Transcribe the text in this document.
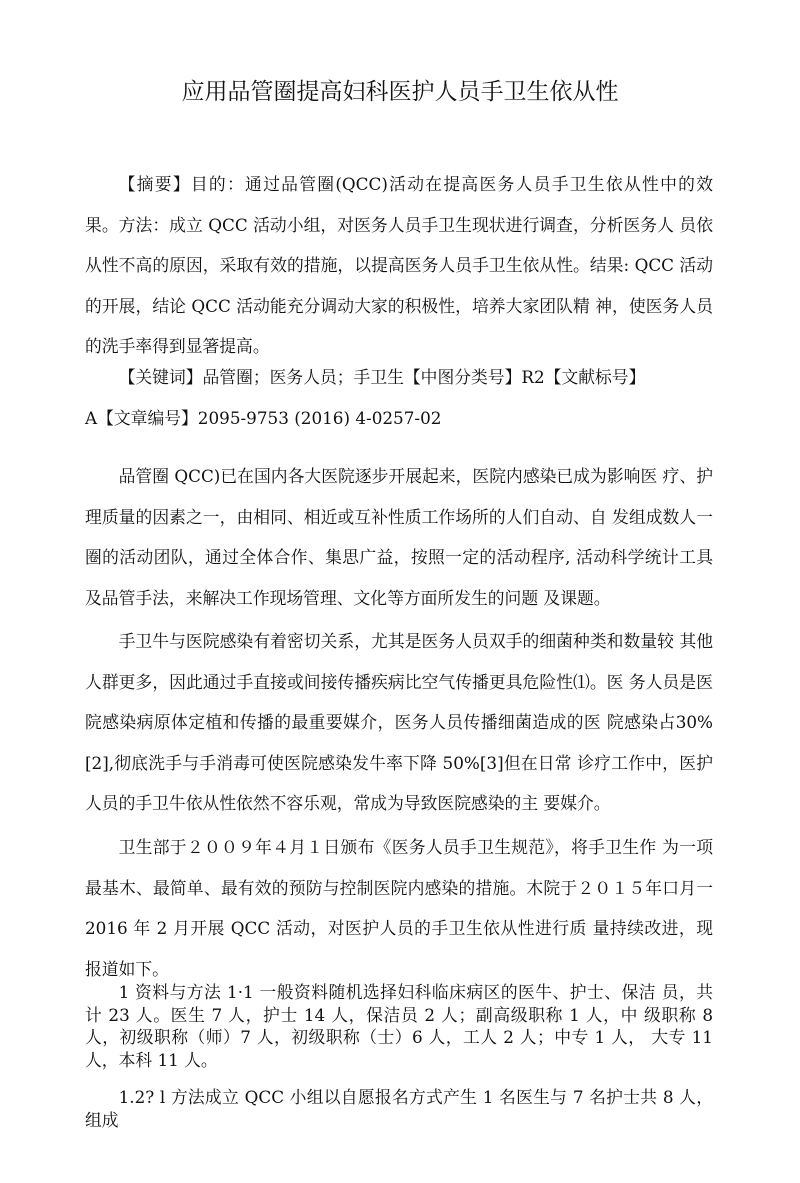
应用品管圈提高妇科医护人员手卫生依从性

【摘要】目的：通过品管圈(QCC)活动在提高医务人员手卫生依从性中的效 果。方法：成立 QCC 活动小组，对医务人员手卫生现状进行调查，分析医务人 员依从性不高的原因，采取有效的措施，以提高医务人员手卫生依从性。结果: QCC 活动的开展，结论 QCC 活动能充分调动大家的积极性，培养大家团队精 神，使医务人员的洗手率得到显箸提高。

【关键词】品管圈；医务人员；手卫生【中图分类号】R2【文献标号】

A【文章编号】2095-9753 (2016) 4-0257-02

品管圈 QCC)已在国内各大医院逐步开展起来，医院内感染已成为影响医 疗、护理质量的因素之一，由相同、相近或互补性质工作场所的人们自动、自 发组成数人一圈的活动团队，通过全体合作、集思广益，按照一定的活动程序, 活动科学统计工具及品管手法，来解决工作现场管理、文化等方面所发生的问题 及课题。

手卫牛与医院感染有着密切关系，尤其是医务人员双手的细菌种类和数量较 其他人群更多，因此通过手直接或间接传播疾病比空气传播更具危险性⑴。医 务人员是医院感染病原体定植和传播的最重要媒介，医务人员传播细菌造成的医 院感染占30%[2],彻底洗手与手消毒可使医院感染发牛率下降 50%[3]但在日常 诊疗工作中，医护人员的手卫牛依从性依然不容乐观，常成为导致医院感染的主 要媒介。

卫生部于２００９年４月１日颁布《医务人员手卫生规范》，将手卫生作 为一项最基木、最简单、最有效的预防与控制医院内感染的措施。木院于２０１５年口月一2016 年 2 月开展 QCC 活动，对医护人员的手卫生依从性进行质 量持续改进，现报道如下。

1 资料与方法 1·1 一般资料随机选择妇科临床病区的医牛、护士、保洁 员，共计 23 人。医生 7 人，护士 14 人，保洁员 2 人；副高级职称 1 人，中 级职称 8 人，初级职称（师）7 人，初级职称（士）6 人，工人 2 人；中专 1 人， 大专 11 人，本科 11 人。

1.2? l 方法成立 QCC 小组以自愿报名方式产生 1 名医生与 7 名护士共 8 人，组成
